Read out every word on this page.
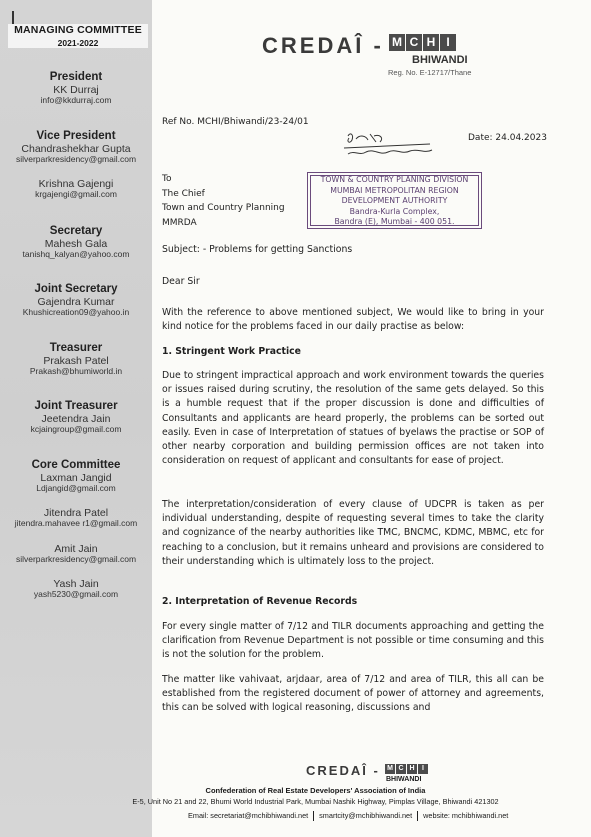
MANAGING COMMITTEE
2021-2022
President
KK Durraj
info@kkdurraj.com
Vice President
Chandrashekhar Gupta
silverparkresidency@gmail.com
Krishna Gajengi
krgajengi@gmail.com
Secretary
Mahesh Gala
tanishq_kalyan@yahoo.com
Joint Secretary
Gajendra Kumar
Khushicreation09@yahoo.in
Treasurer
Prakash Patel
Prakash@bhumiworld.in
Joint Treasurer
Jeetendra Jain
kcjaingroup@gmail.com
Core Committee
Laxman Jangid
Ldjangid@gmail.com
Jitendra Patel
jitendra.mahavee r1@gmail.com
Amit Jain
silverparkresidency@gmail.com
Yash Jain
yash5230@gmail.com
CREDAÎ - M C H I
BHIWANDI
Reg. No. E-12717/Thane
Ref No. MCHI/Bhiwandi/23-24/01
Date: 24.04.2023
To
The Chief
Town and Country Planning
MMRDA
TOWN & COUNTRY PLANING DIVISION
MUMBAI METROPOLITAN REGION
DEVELOPMENT AUTHORITY
Bandra-Kurla Complex,
Bandra (E), Mumbai - 400 051.
Subject: - Problems for getting Sanctions
Dear Sir
With the reference to above mentioned subject, We would like to bring in your kind notice for the problems faced in our daily practise as below:
1. Stringent Work Practice
Due to stringent impractical approach and work environment towards the queries or issues raised during scrutiny, the resolution of the same gets delayed. So this is a humble request that if the proper discussion is done and difficulties of Consultants and applicants are heard properly, the problems can be sorted out easily. Even in case of Interpretation of statues of byelaws the practise or SOP of other nearby corporation and building permission offices are not taken into consideration on request of applicant and consultants for ease of project.
The interpretation/consideration of every clause of UDCPR is taken as per individual understanding, despite of requesting several times to take the clarity and cognizance of the nearby authorities like TMC, BNCMC, KDMC, MBMC, etc for reaching to a conclusion, but it remains unheard and provisions are considered to their understanding which is ultimately loss to the project.
2. Interpretation of Revenue Records
For every single matter of 7/12 and TILR documents approaching and getting the clarification from Revenue Department is not possible or time consuming and this is not the solution for the problem.
The matter like vahivaat, arjdaar, area of 7/12 and area of TILR, this all can be established from the registered document of power of attorney and agreements, this can be solved with logical reasoning, discussions and
CREDAÎ - M C H	I
BHIWANDI
Confederation of Real Estate Developers' Association of India
E-5, Unit No 21 and 22, Bhumi World Industrial Park, Mumbai Nashik Highway, Pimplas Village, Bhiwandi 421302
Email: secretariat@mchibhiwandi.net smartcity@mchibhiwandi.net website: mchibhiwandi.net
